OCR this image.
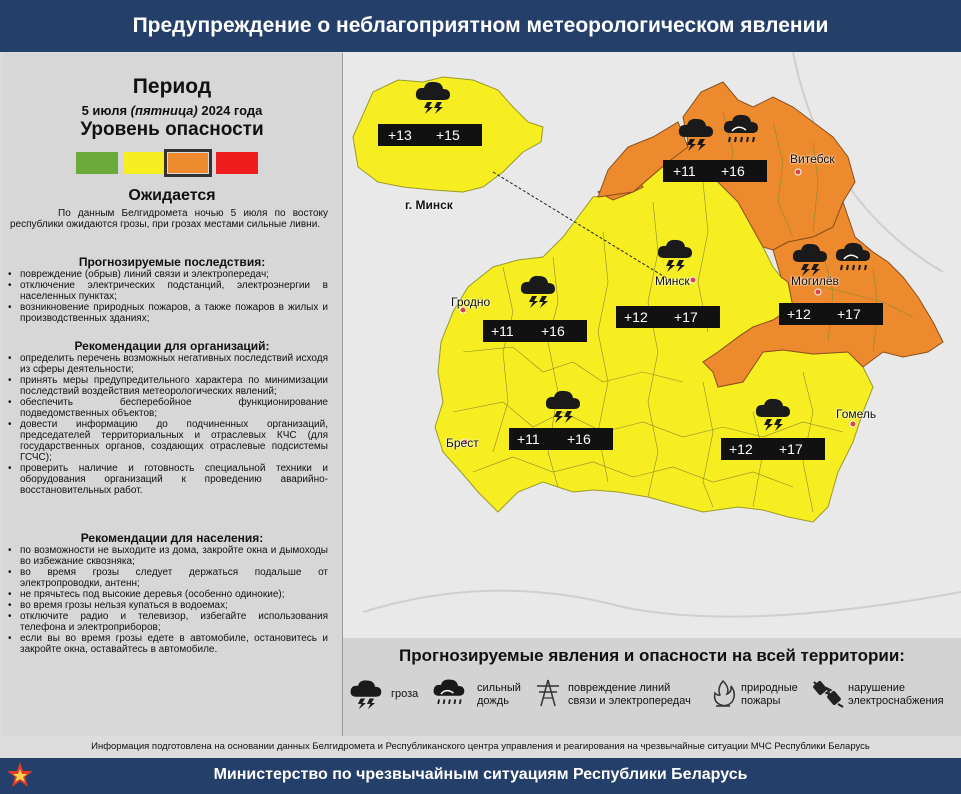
Предупреждение о неблагоприятном метеорологическом явлении
г. Минск
Витебск
Минск	Могилёв
Гродно
Брест
Гомель
+13 +15
+11 +16
+12 +17	+12 +17
+11 +16
+11 +16
+12 +17
Период
5 июля (пятница) 2024 года
Уровень опасности
Ожидается
По данным Белгидромета ночью 5 июля по востоку республики ожидаются грозы, при грозах местами сильные ливни.
Прогнозируемые последствия:
• повреждение (обрыв) линий связи и электропередач;
• отключение электрических подстанций, электроэнергии в населенных пунктах;
• возникновение природных пожаров, а также пожаров в жилых и производственных зданиях;
Рекомендации для организаций:
• определить перечень возможных негативных последствий исходя из сферы деятельности;
• принять меры предупредительного характера по минимизации последствий воздействия метеорологических явлений;
• обеспечить бесперебойное функционирование подведомственных объектов;
• довести информацию до подчиненных организаций, председателей территориальных и отраслевых КЧС (для государственных органов, создающих отраслевые подсистемы ГСЧС);
• проверить наличие и готовность специальной техники и оборудования организаций к проведению аварийно-восстановительных работ.
Рекомендации для населения:
• по возможности не выходите из дома, закройте окна и дымоходы во избежание сквозняка;
• во время грозы следует держаться подальше от электропроводки, антенн;
• не прячьтесь под высокие деревья (особенно одинокие);
• во время грозы нельзя купаться в водоемах;
• отключите радио и телевизор, избегайте использования телефона и электроприборов;
• если вы во время грозы едете в автомобиле, остановитесь и закройте окна, оставайтесь в автомобиле.	Прогнозируемые явления и опасности на всей территории:
гроза	сильный
дождь
повреждение линий
связи и электропередач
природные
пожары
нарушение
электроснабжения
Информация подготовлена на основании данных Белгидромета и Республиканского центра управления и реагирования на чрезвычайные ситуации МЧС Республики Беларусь
Министерство по чрезвычайным ситуациям Республики Беларусь
